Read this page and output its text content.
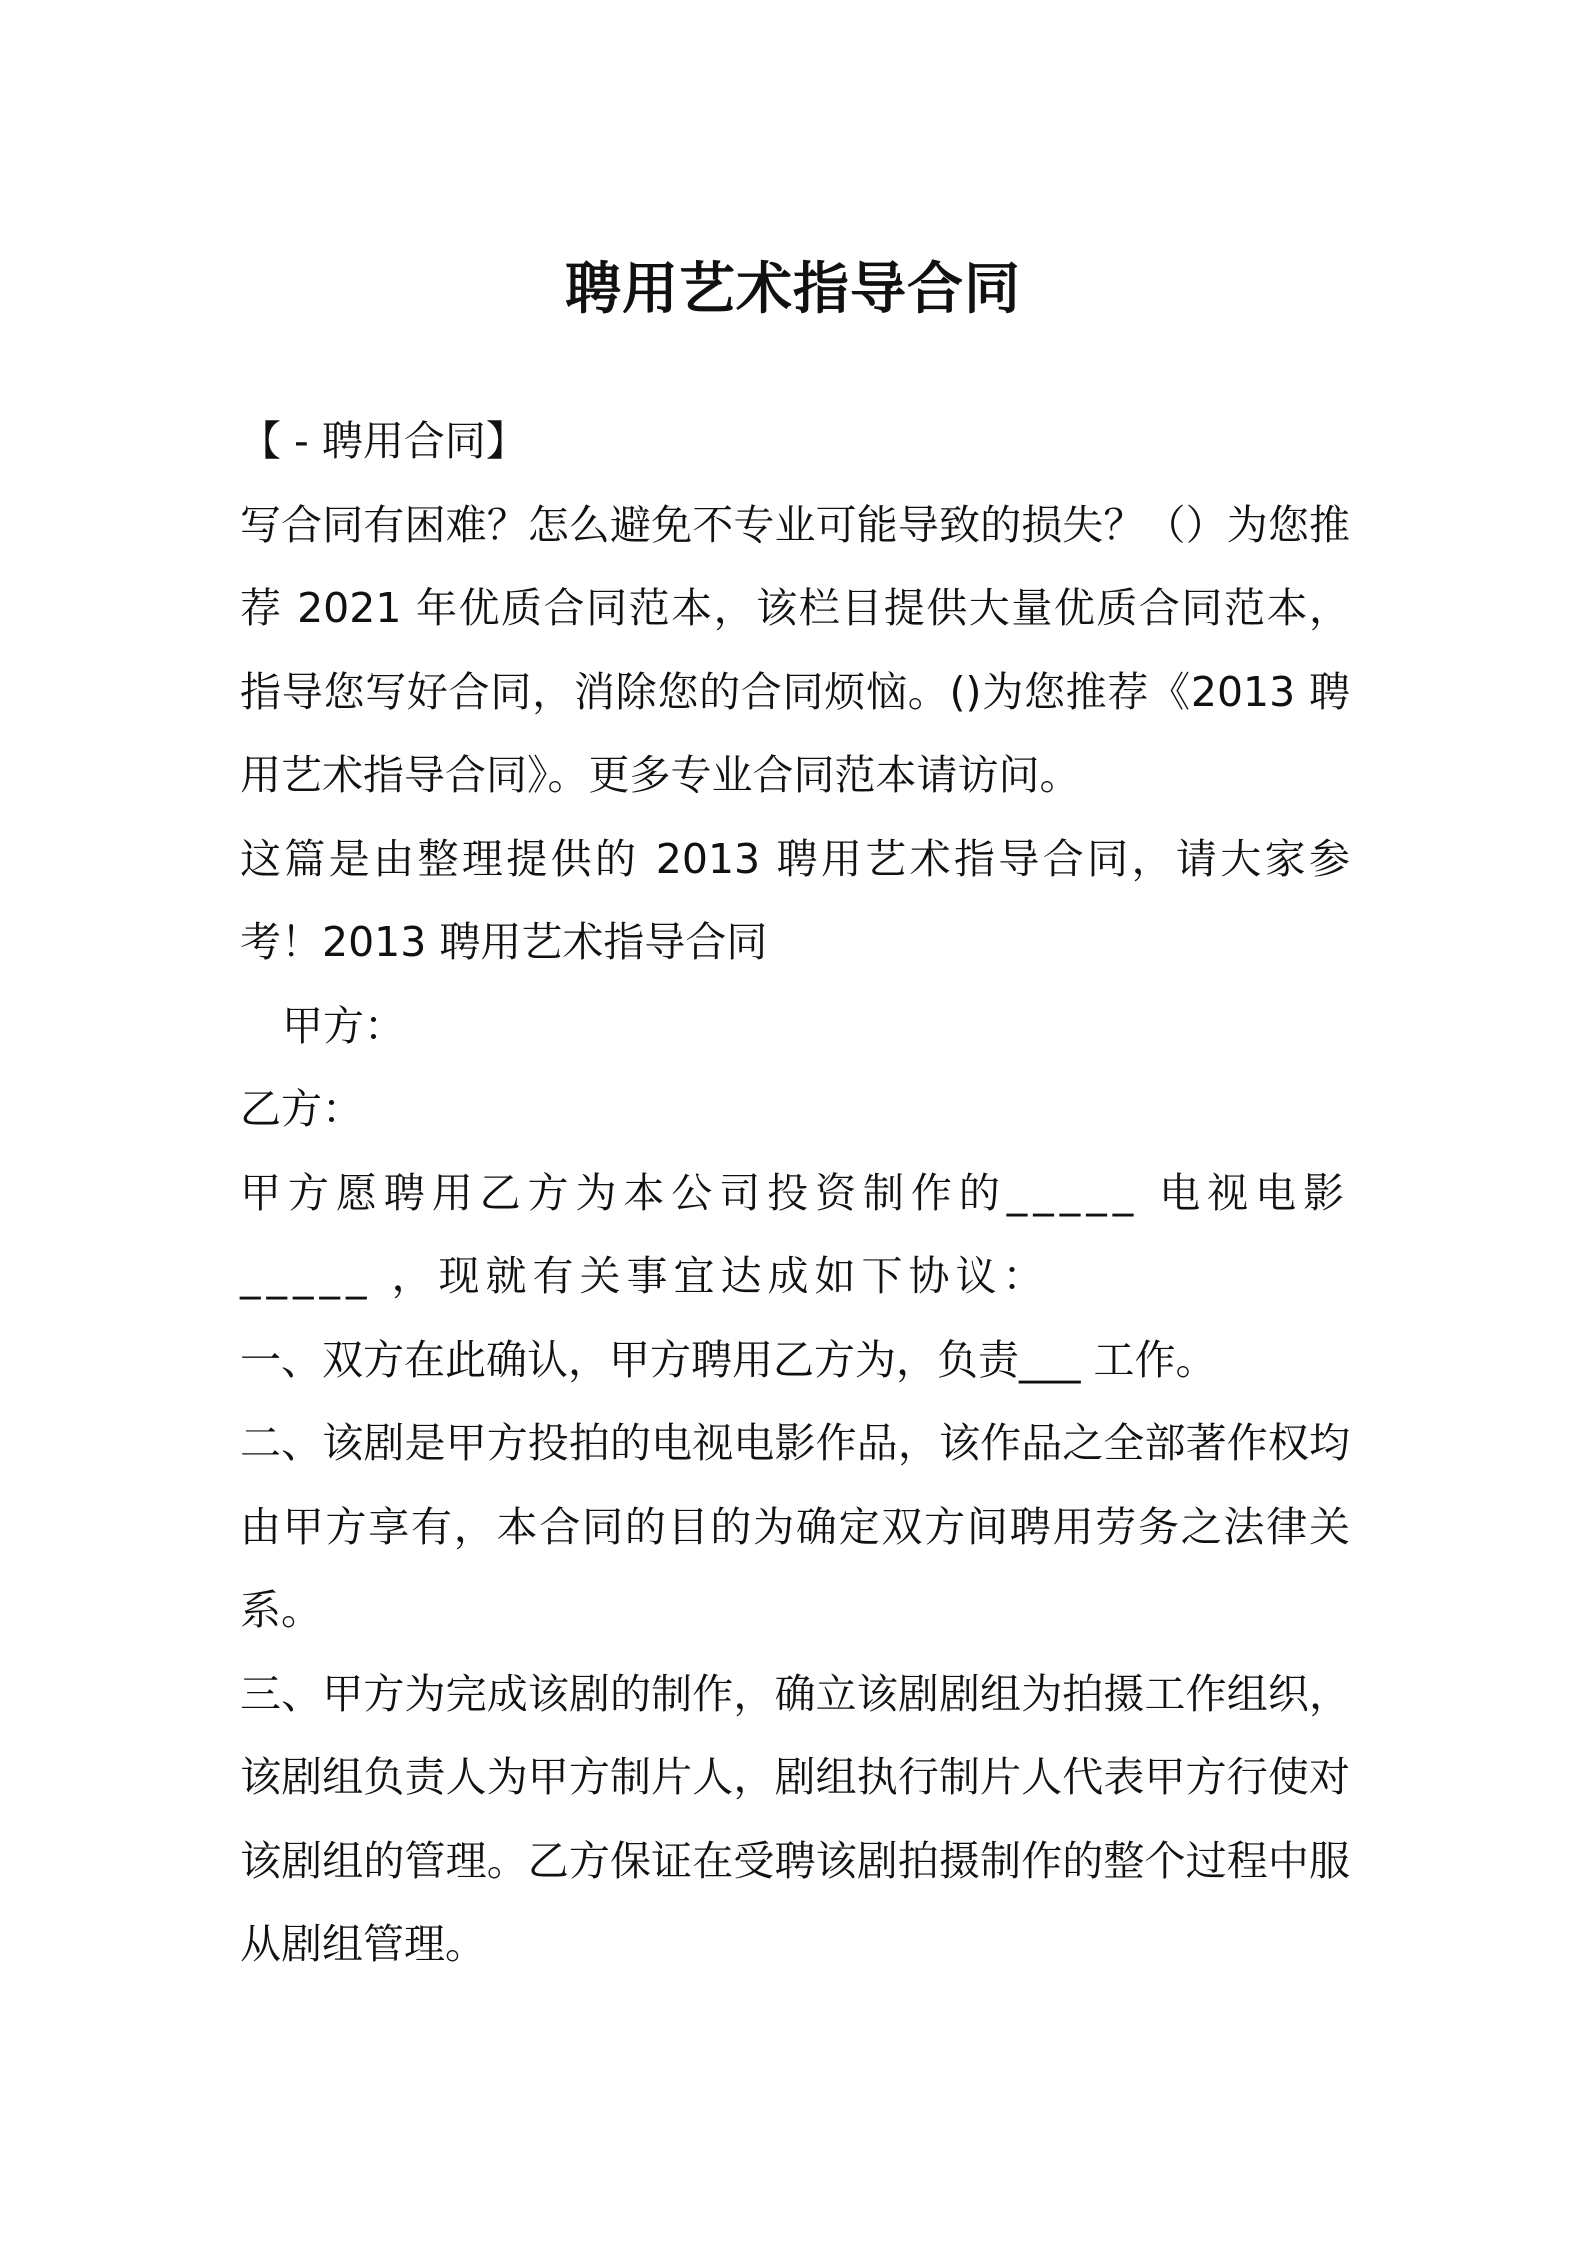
聘用艺术指导合同

【 - 聘用合同】

写合同有困难？怎么避免不专业可能导致的损失？（）为您推荐 2021 年优质合同范本，该栏目提供大量优质合同范本，指导您写好合同，消除您的合同烦恼。()为您推荐《2013 聘用艺术指导合同》。更多专业合同范本请访问。

这篇是由整理提供的 2013 聘用艺术指导合同，请大家参考！2013 聘用艺术指导合同

甲方：

乙方：

甲方愿聘用乙方为本公司投资制作的_____ 电视电影_____ ，现就有关事宜达成如下协议：

一、双方在此确认，甲方聘用乙方为，负责___ 工作。

二、该剧是甲方投拍的电视电影作品，该作品之全部著作权均由甲方享有，本合同的目的为确定双方间聘用劳务之法律关系。

三、甲方为完成该剧的制作，确立该剧剧组为拍摄工作组织，该剧组负责人为甲方制片人，剧组执行制片人代表甲方行使对该剧组的管理。乙方保证在受聘该剧拍摄制作的整个过程中服从剧组管理。
